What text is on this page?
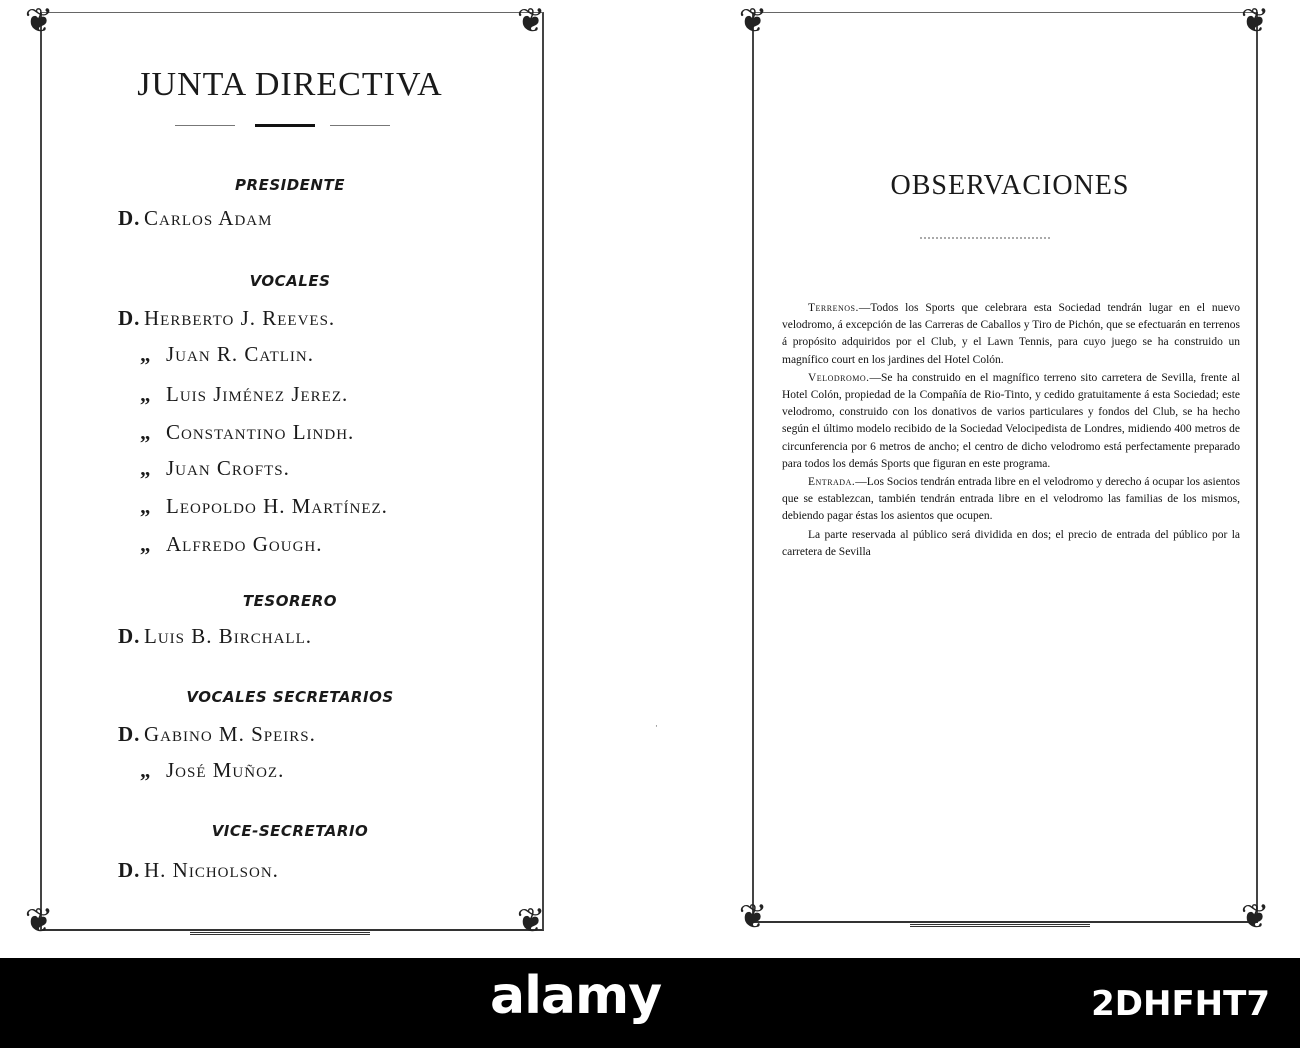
❦	❦
❦	❦
JUNTA DIRECTIVA
PRESIDENTE
D. Carlos Adam
VOCALES
D. Herberto J. Reeves.
„ Juan R. Catlin.
„ Luis Jiménez Jerez.
„ Constantino Lindh.
„ Juan Crofts.
„ Leopoldo H. Martínez.
„ Alfredo Gough.
TESORERO
D. Luis B. Birchall.
VOCALES SECRETARIOS
D. Gabino M. Speirs.
„ José Muñoz.
VICE-SECRETARIO
D. H. Nicholson.
·
❦	❦
❦	❦
OBSERVACIONES

Terrenos.—Todos los Sports que celebrara esta Sociedad tendrán lugar en el nuevo velodromo, á excepción de las Carreras de Caballos y Tiro de Pichón, que se efectuarán en terrenos á propósito adquiridos por el Club, y el Lawn Tennis, para cuyo juego se ha construido un magnífico court en los jardines del Hotel Colón.

Velodromo.—Se ha construido en el magnífico terreno sito carretera de Sevilla, frente al Hotel Colón, propiedad de la Compañía de Rio-Tinto, y cedido gratuitamente á esta Sociedad; este velodromo, construido con los donativos de varios particulares y fondos del Club, se ha hecho según el último modelo recibido de la Sociedad Velocipedista de Londres, midiendo 400 metros de circunferencia por 6 metros de ancho; el centro de dicho velodromo está perfectamente preparado para todos los demás Sports que figuran en este programa.

Entrada.—Los Socios tendrán entrada libre en el velodromo y derecho á ocupar los asientos que se establezcan, también tendrán entrada libre en el velodromo las familias de los mismos, debiendo pagar éstas los asientos que ocupen.

La parte reservada al público será dividida en dos; el precio de entrada del público por la carretera de Sevilla

alamy	2DHFHT7
